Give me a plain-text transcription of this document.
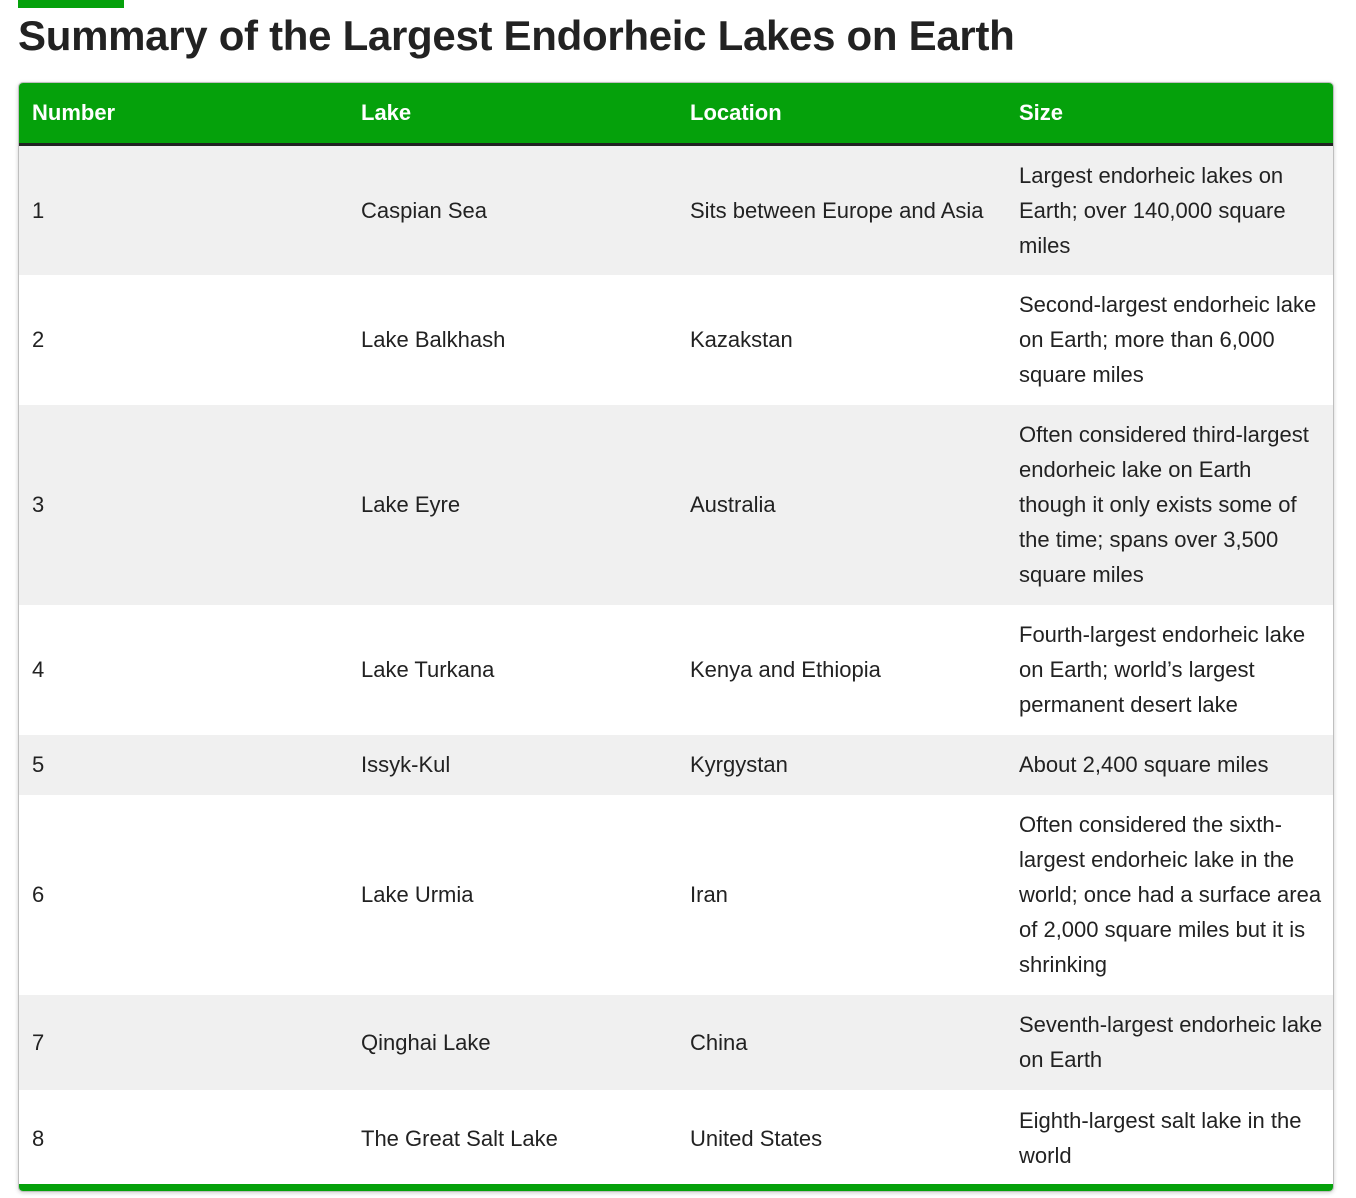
Summary of the Largest Endorheic Lakes on Earth
Number	Lake	Location	Size
1	Caspian Sea	Sits between Europe and Asia	Largest endorheic lakes on Earth; over 140,000 square miles
2	Lake Balkhash	Kazakstan	Second-largest endorheic lake on Earth; more than 6,000 square miles
3	Lake Eyre	Australia	Often considered third-largest endorheic lake on Earth though it only exists some of the time; spans over 3,500 square miles
4	Lake Turkana	Kenya and Ethiopia	Fourth-largest endorheic lake on Earth; world’s largest permanent desert lake
5	Issyk-Kul	Kyrgystan	About 2,400 square miles
6	Lake Urmia	Iran	Often considered the sixth-largest endorheic lake in the world; once had a surface area of 2,000 square miles but it is shrinking
7	Qinghai Lake	China	Seventh-largest endorheic lake on Earth
8	The Great Salt Lake	United States	Eighth-largest salt lake in the world
